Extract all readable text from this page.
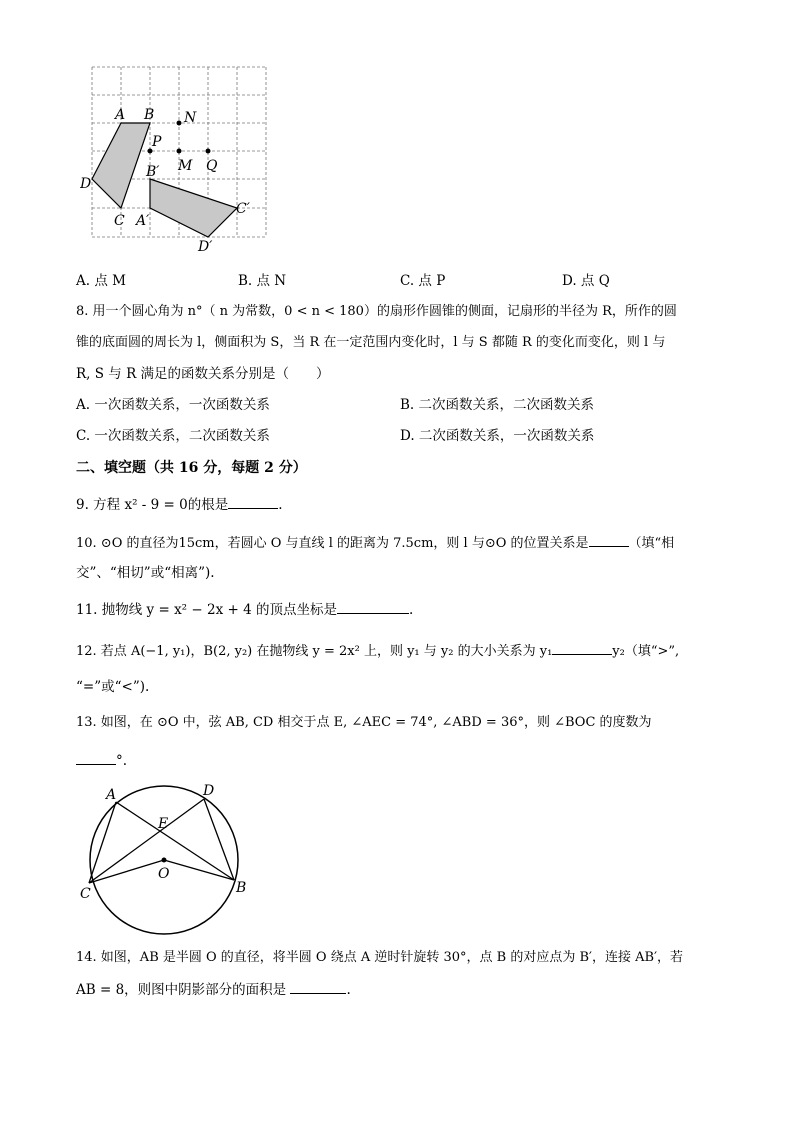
A B N
P
M Q
D
C
B′
A′
C′
D′
A. 点 M	B. 点 N	C. 点 P	D. 点 Q
8. 用一个圆心角为 n°（ n 为常数，0 < n < 180）的扇形作圆锥的侧面，记扇形的半径为 R，所作的圆
锥的底面圆的周长为 l，侧面积为 S，当 R 在一定范围内变化时，l 与 S 都随 R 的变化而变化，则 l 与
R, S 与 R 满足的函数关系分别是（　　）
A. 一次函数关系，一次函数关系	B. 二次函数关系，二次函数关系
C. 一次函数关系，二次函数关系	D. 二次函数关系，一次函数关系
二、填空题（共 16 分，每题 2 分）
9. 方程 x² - 9 = 0的根是	.
10. ⊙O 的直径为15cm，若圆心 O 与直线 l 的距离为 7.5cm，则 l 与⊙O 的位置关系是	（填“相
交”、“相切”或“相离”).
11. 抛物线 y = x² − 2x + 4 的顶点坐标是	.
12. 若点 A(−1, y₁)，B(2, y₂) 在抛物线 y = 2x² 上，则 y₁ 与 y₂ 的大小关系为 y₁	y₂（填“>”,
“=”或“<”).
13. 如图，在 ⊙O 中，弦 AB, CD 相交于点 E, ∠AEC = 74°, ∠ABD = 36°，则 ∠BOC 的度数为
°.
A	D
E
O
C	B
14. 如图，AB 是半圆 O 的直径，将半圆 O 绕点 A 逆时针旋转 30°，点 B 的对应点为 B′，连接 AB′，若
AB = 8，则图中阴影部分的面积是	.
